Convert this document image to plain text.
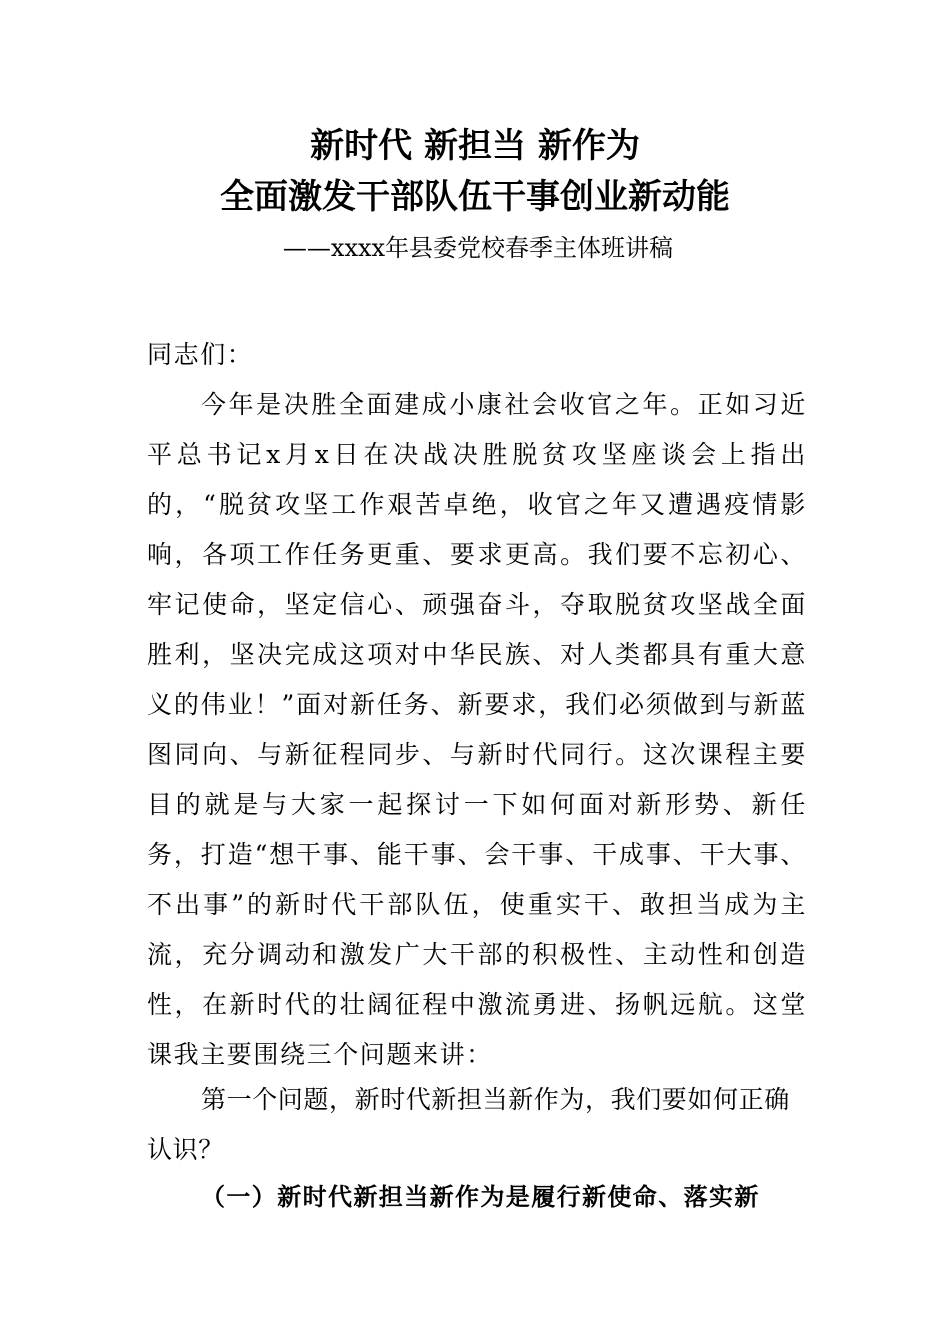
新时代 新担当 新作为
全面激发干部队伍干事创业新动能

——xxxx年县委党校春季主体班讲稿

同志们：

今年是决胜全面建成小康社会收官之年。正如习近平总书记x月x日在决战决胜脱贫攻坚座谈会上指出的，“脱贫攻坚工作艰苦卓绝，收官之年又遭遇疫情影响，各项工作任务更重、要求更高。我们要不忘初心、牢记使命，坚定信心、顽强奋斗，夺取脱贫攻坚战全面胜利，坚决完成这项对中华民族、对人类都具有重大意义的伟业！”面对新任务、新要求，我们必须做到与新蓝图同向、与新征程同步、与新时代同行。这次课程主要目的就是与大家一起探讨一下如何面对新形势、新任务，打造“想干事、能干事、会干事、干成事、干大事、不出事”的新时代干部队伍，使重实干、敢担当成为主流，充分调动和激发广大干部的积极性、主动性和创造性，在新时代的壮阔征程中激流勇进、扬帆远航。这堂课我主要围绕三个问题来讲：

第一个问题，新时代新担当新作为，我们要如何正确认识？

（一）新时代新担当新作为是履行新使命、落实新
